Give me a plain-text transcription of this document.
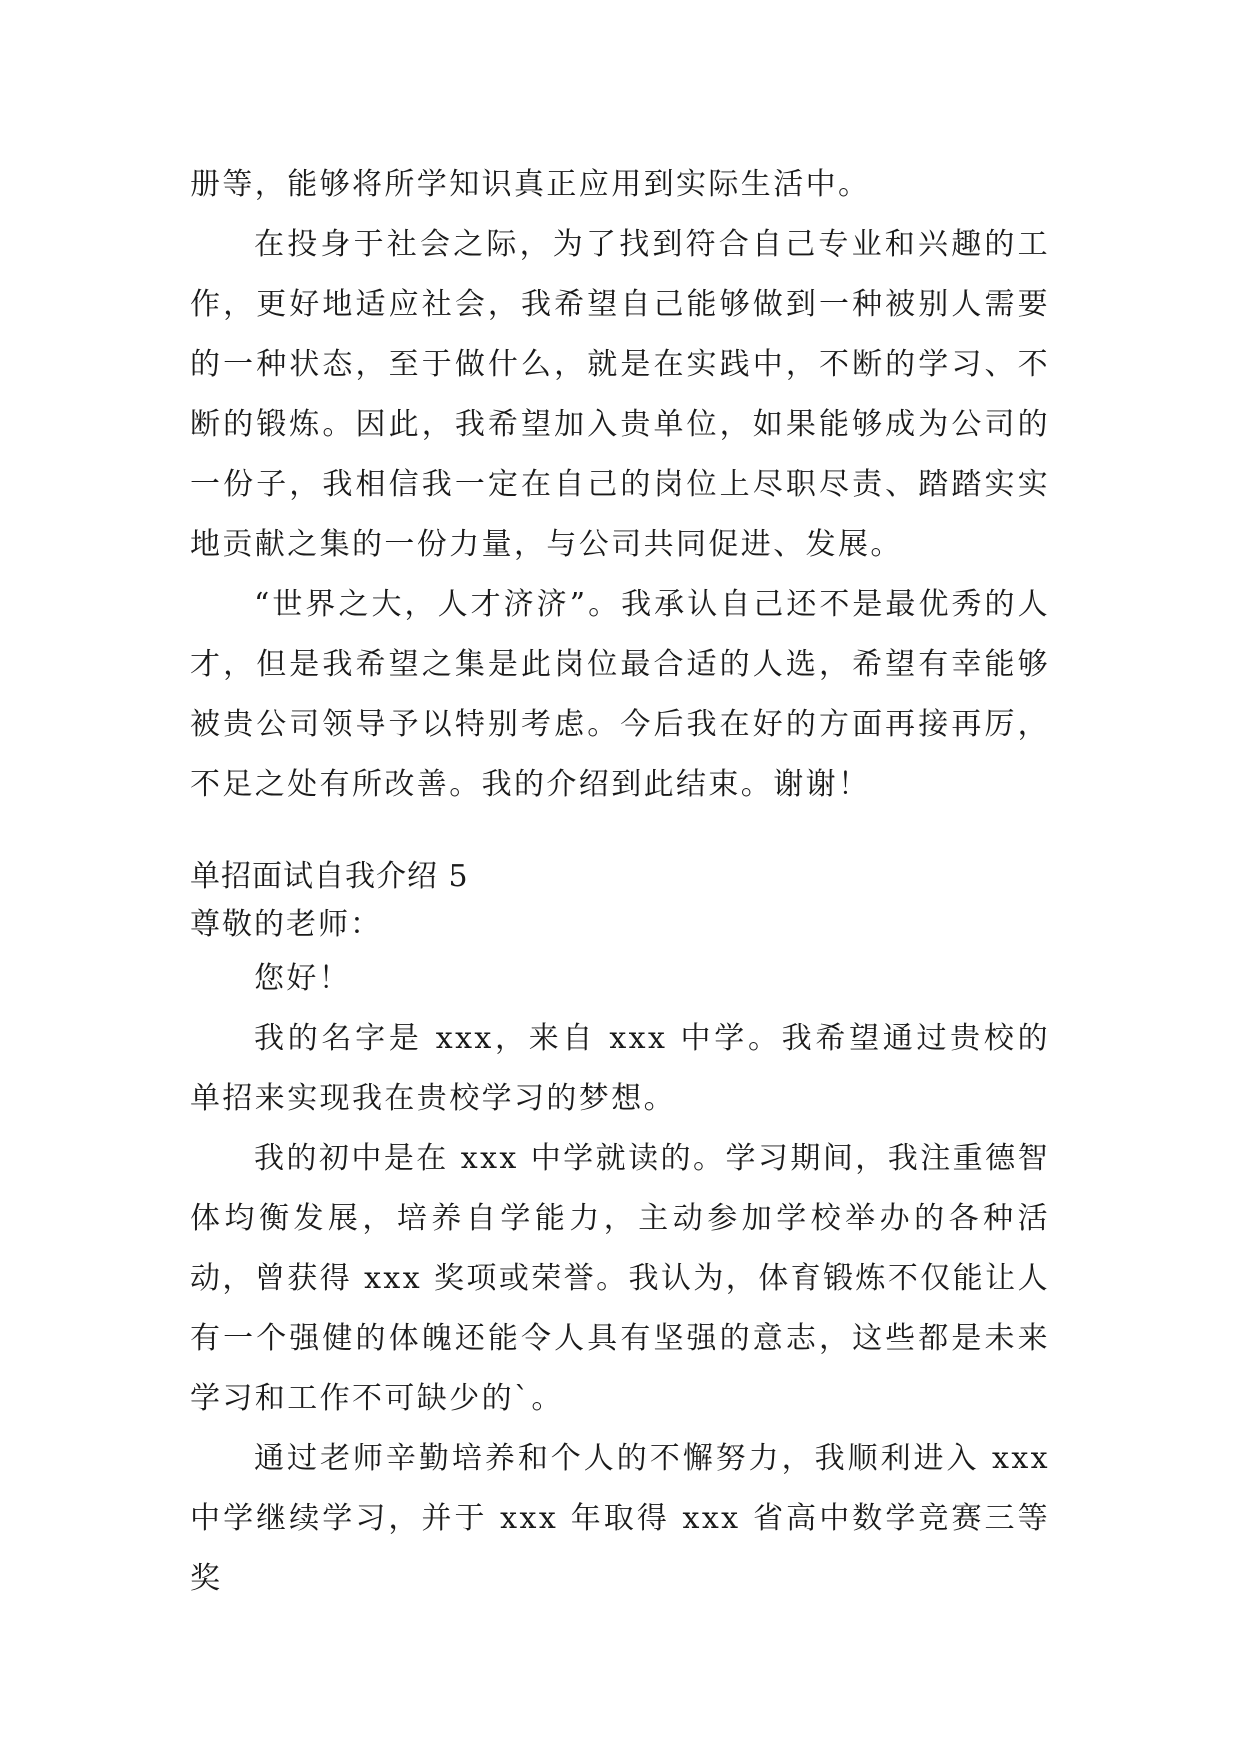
册等，能够将所学知识真正应用到实际生活中。

在投身于社会之际，为了找到符合自己专业和兴趣的工作，更好地适应社会，我希望自己能够做到一种被别人需要的一种状态，至于做什么，就是在实践中，不断的学习、不断的锻炼。因此，我希望加入贵单位，如果能够成为公司的一份子，我相信我一定在自己的岗位上尽职尽责、踏踏实实地贡献之集的一份力量，与公司共同促进、发展。

“世界之大，人才济济”。我承认自己还不是最优秀的人才，但是我希望之集是此岗位最合适的人选，希望有幸能够被贵公司领导予以特别考虑。今后我在好的方面再接再厉，不足之处有所改善。我的介绍到此结束。谢谢！

单招面试自我介绍 5

尊敬的老师：

您好！

我的名字是 xxx，来自 xxx 中学。我希望通过贵校的单招来实现我在贵校学习的梦想。

我的初中是在 xxx 中学就读的。学习期间，我注重德智体均衡发展，培养自学能力，主动参加学校举办的各种活动，曾获得 xxx 奖项或荣誉。我认为，体育锻炼不仅能让人有一个强健的体魄还能令人具有坚强的意志，这些都是未来学习和工作不可缺少的`。

通过老师辛勤培养和个人的不懈努力，我顺利进入 xxx 中学继续学习，并于 xxx 年取得 xxx 省高中数学竞赛三等奖
